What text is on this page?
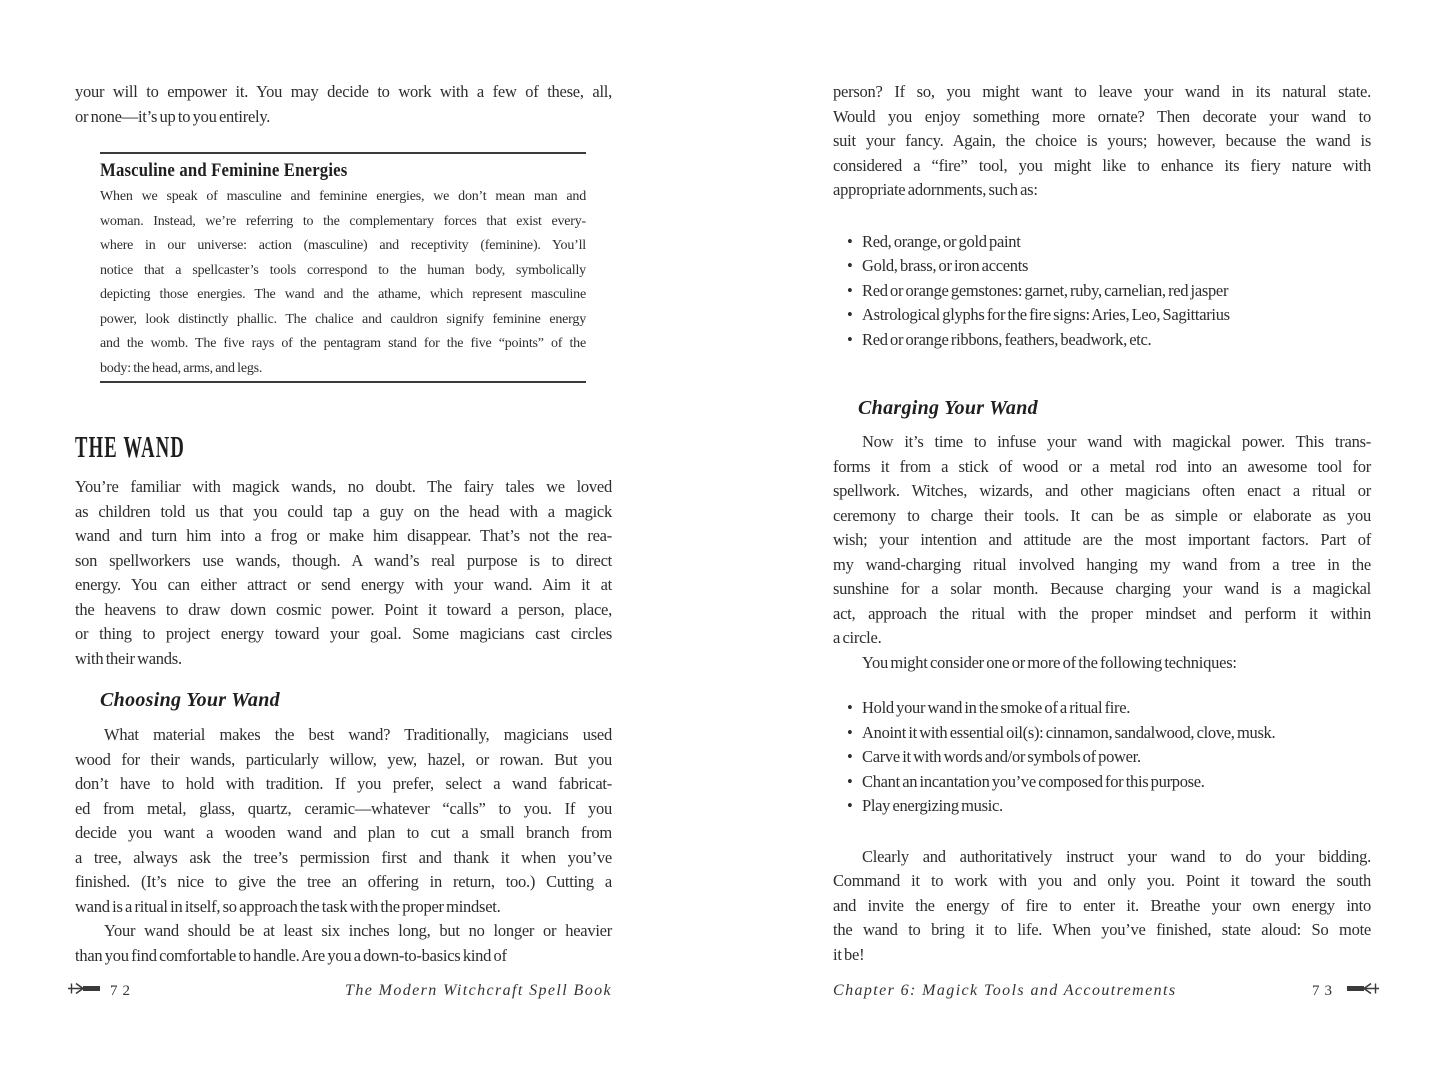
your will to empower it. You may decide to work with a few of these, all,
or none—it’s up to you entirely.
Masculine and Feminine Energies
When we speak of masculine and feminine energies, we don’t mean man and
woman. Instead, we’re referring to the complementary forces that exist every-
where in our universe: action (masculine) and receptivity (feminine). You’ll
notice that a spellcaster’s tools correspond to the human body, symbolically
depicting those energies. The wand and the athame, which represent masculine
power, look distinctly phallic. The chalice and cauldron signify feminine energy
and the womb. The five rays of the pentagram stand for the five “points” of the
body: the head, arms, and legs.
THE WAND
You’re familiar with magick wands, no doubt. The fairy tales we loved
as children told us that you could tap a guy on the head with a magick
wand and turn him into a frog or make him disappear. That’s not the rea-
son spellworkers use wands, though. A wand’s real purpose is to direct
energy. You can either attract or send energy with your wand. Aim it at
the heavens to draw down cosmic power. Point it toward a person, place,
or thing to project energy toward your goal. Some magicians cast circles
with their wands.
Choosing Your Wand
What material makes the best wand? Traditionally, magicians used
wood for their wands, particularly willow, yew, hazel, or rowan. But you
don’t have to hold with tradition. If you prefer, select a wand fabricat-
ed from metal, glass, quartz, ceramic—whatever “calls” to you. If you
decide you want a wooden wand and plan to cut a small branch from
a tree, always ask the tree’s permission first and thank it when you’ve
finished. (It’s nice to give the tree an offering in return, too.) Cutting a
wand is a ritual in itself, so approach the task with the proper mindset.
Your wand should be at least six inches long, but no longer or heavier
than you find comfortable to handle. Are you a down-to-basics kind of
person? If so, you might want to leave your wand in its natural state.
Would you enjoy something more ornate? Then decorate your wand to
suit your fancy. Again, the choice is yours; however, because the wand is
considered a “fire” tool, you might like to enhance its fiery nature with
appropriate adornments, such as:
• Red, orange, or gold paint
• Gold, brass, or iron accents
• Red or orange gemstones: garnet, ruby, carnelian, red jasper
• Astrological glyphs for the fire signs: Aries, Leo, Sagittarius
• Red or orange ribbons, feathers, beadwork, etc.
Charging Your Wand
Now it’s time to infuse your wand with magickal power. This trans-
forms it from a stick of wood or a metal rod into an awesome tool for
spellwork. Witches, wizards, and other magicians often enact a ritual or
ceremony to charge their tools. It can be as simple or elaborate as you
wish; your intention and attitude are the most important factors. Part of
my wand-charging ritual involved hanging my wand from a tree in the
sunshine for a solar month. Because charging your wand is a magickal
act, approach the ritual with the proper mindset and perform it within
a circle.
You might consider one or more of the following techniques:
• Hold your wand in the smoke of a ritual fire.
• Anoint it with essential oil(s): cinnamon, sandalwood, clove, musk.
• Carve it with words and/or symbols of power.
• Chant an incantation you’ve composed for this purpose.
• Play energizing music.
Clearly and authoritatively instruct your wand to do your bidding.
Command it to work with you and only you. Point it toward the south
and invite the energy of fire to enter it. Breathe your own energy into
the wand to bring it to life. When you’ve finished, state aloud: So mote
it be!
72	The Modern Witchcraft Spell Book	Chapter 6: Magick Tools and Accoutrements	73
